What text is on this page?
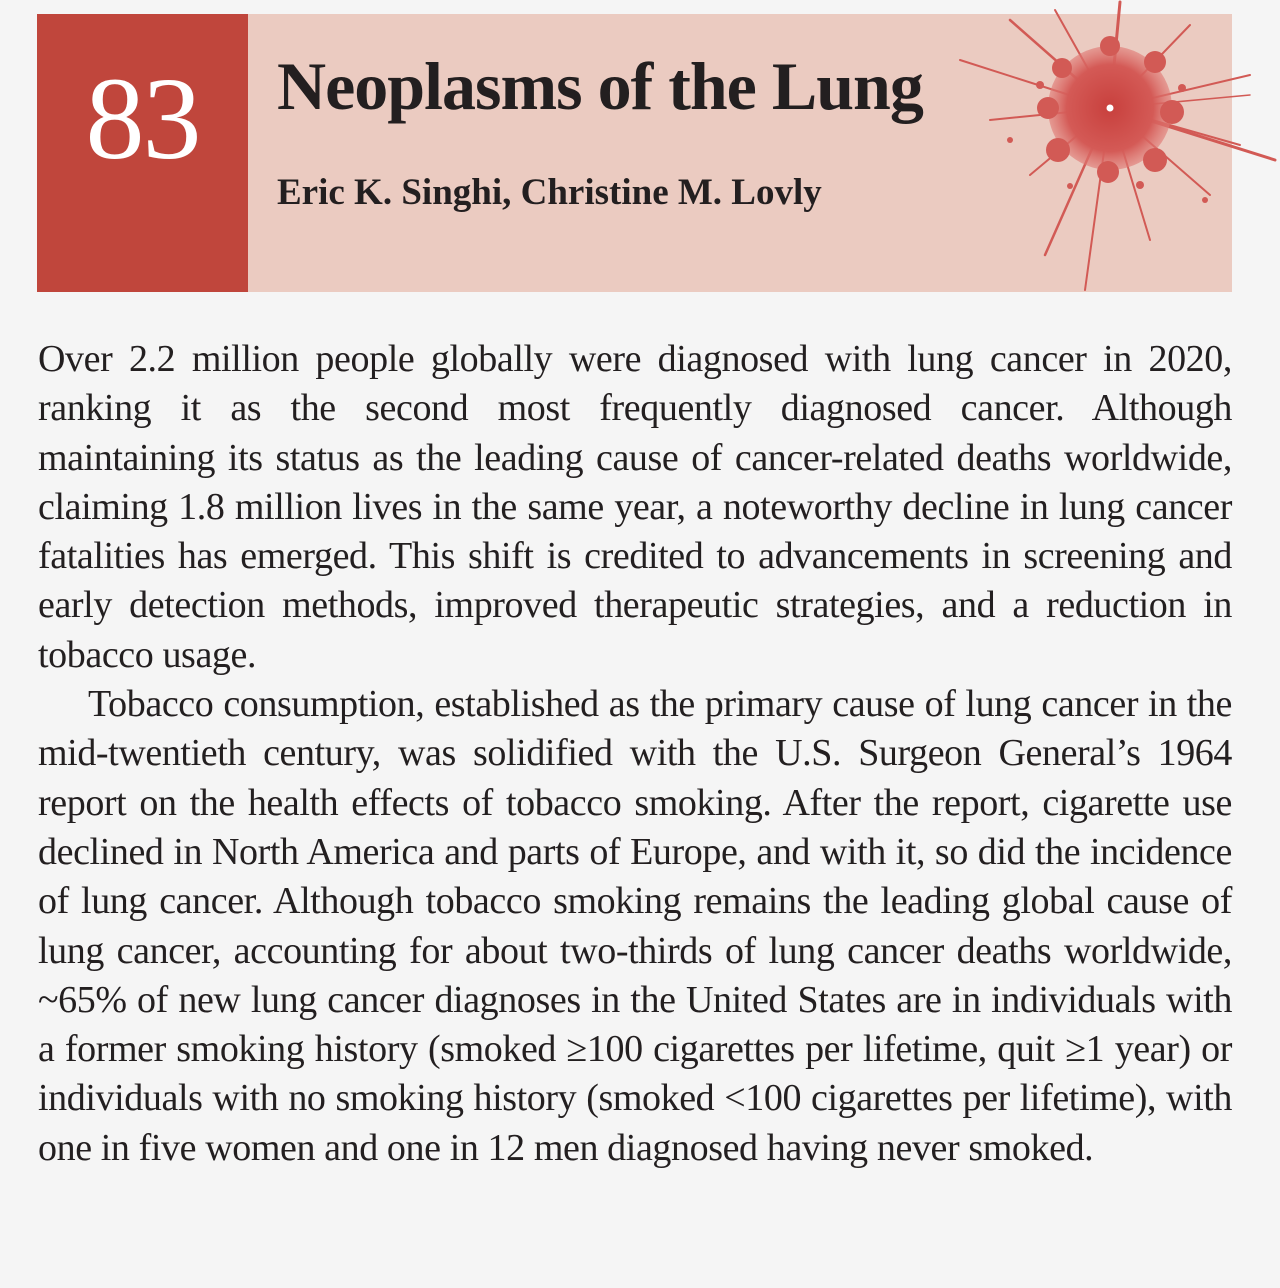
83	Neoplasms of the Lung
Eric K. Singhi, Christine M. Lovly

Over 2.2 million people globally were diagnosed with lung cancer in 2020, ranking it as the second most frequently diagnosed cancer. Although maintaining its status as the leading cause of cancer-related deaths worldwide, claiming 1.8 million lives in the same year, a noteworthy decline in lung cancer fatalities has emerged. This shift is credited to advancements in screening and early detection methods, improved therapeutic strategies, and a reduction in tobacco usage.

Tobacco consumption, established as the primary cause of lung cancer in the mid-twentieth century, was solidified with the U.S. Surgeon General’s 1964 report on the health effects of tobacco smoking. After the report, cigarette use declined in North America and parts of Europe, and with it, so did the incidence of lung cancer. Although tobacco smoking remains the leading global cause of lung cancer, accounting for about two-thirds of lung cancer deaths worldwide, ~65% of new lung cancer diagnoses in the United States are in individuals with a former smoking history (smoked ≥100 cigarettes per lifetime, quit ≥1 year) or individuals with no smoking history (smoked <100 cigarettes per lifetime), with one in five women and one in 12 men diagnosed having never smoked.
